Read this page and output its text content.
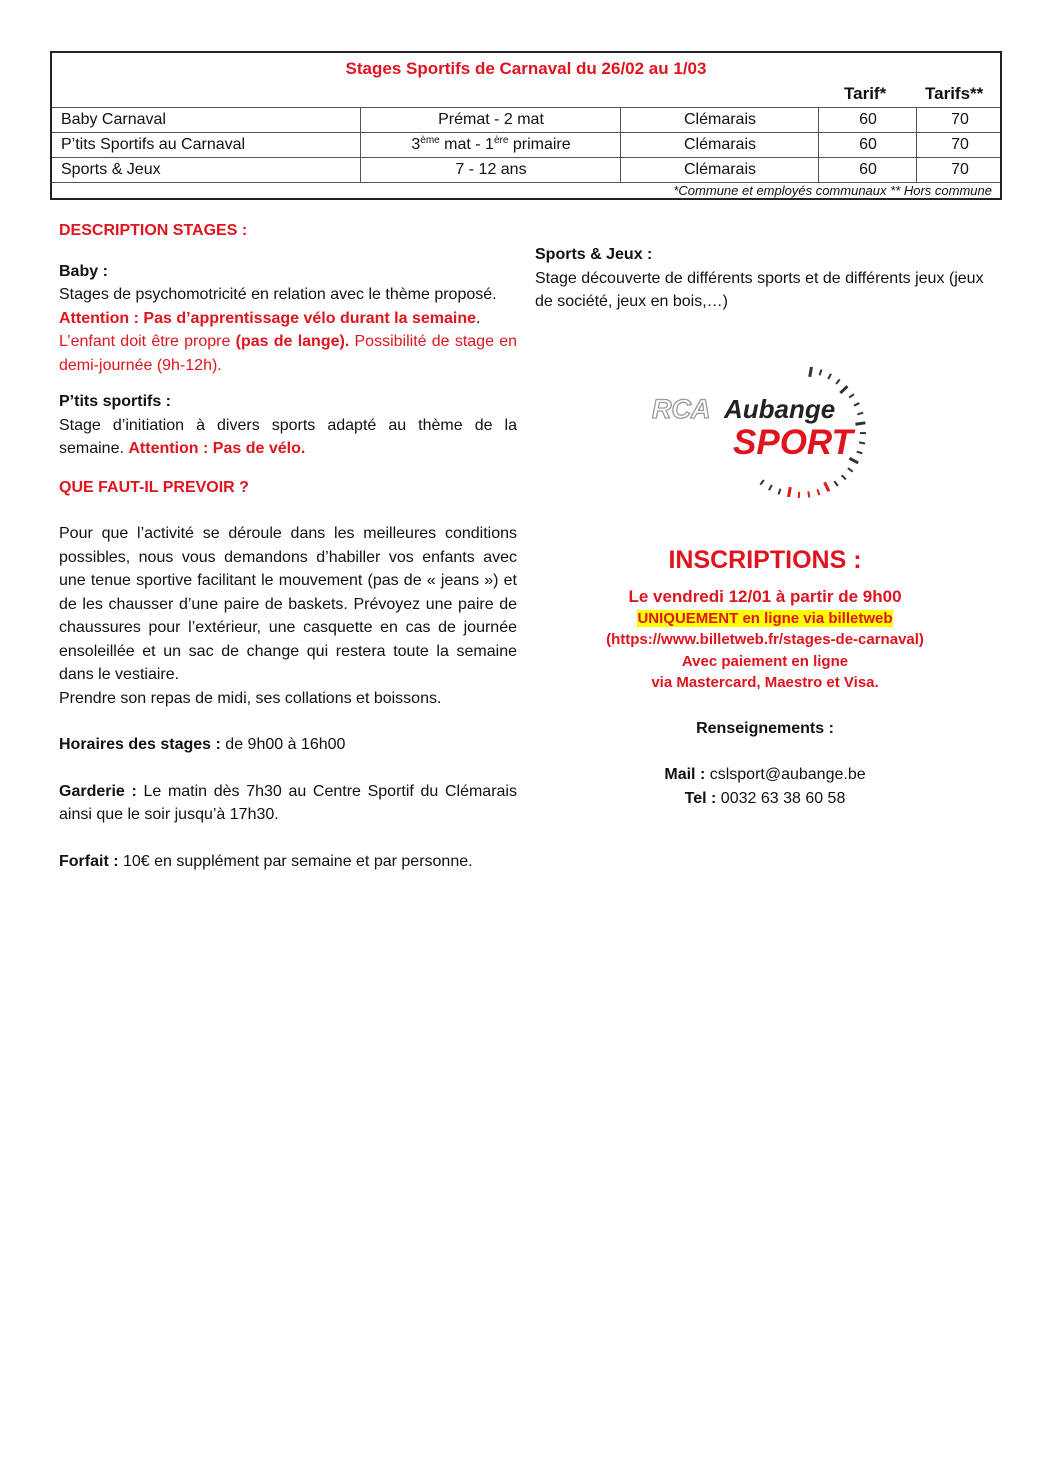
Stages Sportifs de Carnaval du 26/02 au 1/03
Tarif* Tarifs**
Baby Carnaval	Prémat - 2 mat	Clémarais	60	70
P’tits Sportifs au Carnaval	3ème mat - 1ère primaire	Clémarais	60	70
Sports & Jeux	7 - 12 ans	Clémarais	60	70
*Commune et employés communaux ** Hors commune

DESCRIPTION STAGES :

Baby :

Stages de psychomotricité en relation avec le thème proposé.
Attention : Pas d’apprentissage vélo durant la semaine.
L’enfant doit être propre (pas de lange). Possibilité de stage en demi-journée (9h-12h).

P’tits sportifs :

Stage d’initiation à divers sports adapté au thème de la semaine. Attention : Pas de vélo.

QUE FAUT-IL PREVOIR ?

Pour que l’activité se déroule dans les meilleures conditions possibles, nous vous demandons d’habiller vos enfants avec une tenue sportive facilitant le mouvement (pas de « jeans ») et de les chausser d’une paire de baskets. Prévoyez une paire de chaussures pour l’extérieur, une casquette en cas de journée ensoleillée et un sac de change qui restera toute la semaine dans le vestiaire.

Prendre son repas de midi, ses collations et boissons.

Horaires des stages : de 9h00 à 16h00

Garderie : Le matin dès 7h30 au Centre Sportif du Clémarais ainsi que le soir jusqu’à 17h30.

Forfait : 10€ en supplément par semaine et par personne.

Sports & Jeux :

Stage découverte de différents sports et de différents jeux (jeux de société, jeux en bois,…)

RCA Aubange
SPORT

INSCRIPTIONS :

Le vendredi 12/01 à partir de 9h00

UNIQUEMENT en ligne via billetweb

(https://www.billetweb.fr/stages-de-carnaval)

Avec paiement en ligne

via Mastercard, Maestro et Visa.

Renseignements :

Mail : cslsport@aubange.be

Tel : 0032 63 38 60 58
